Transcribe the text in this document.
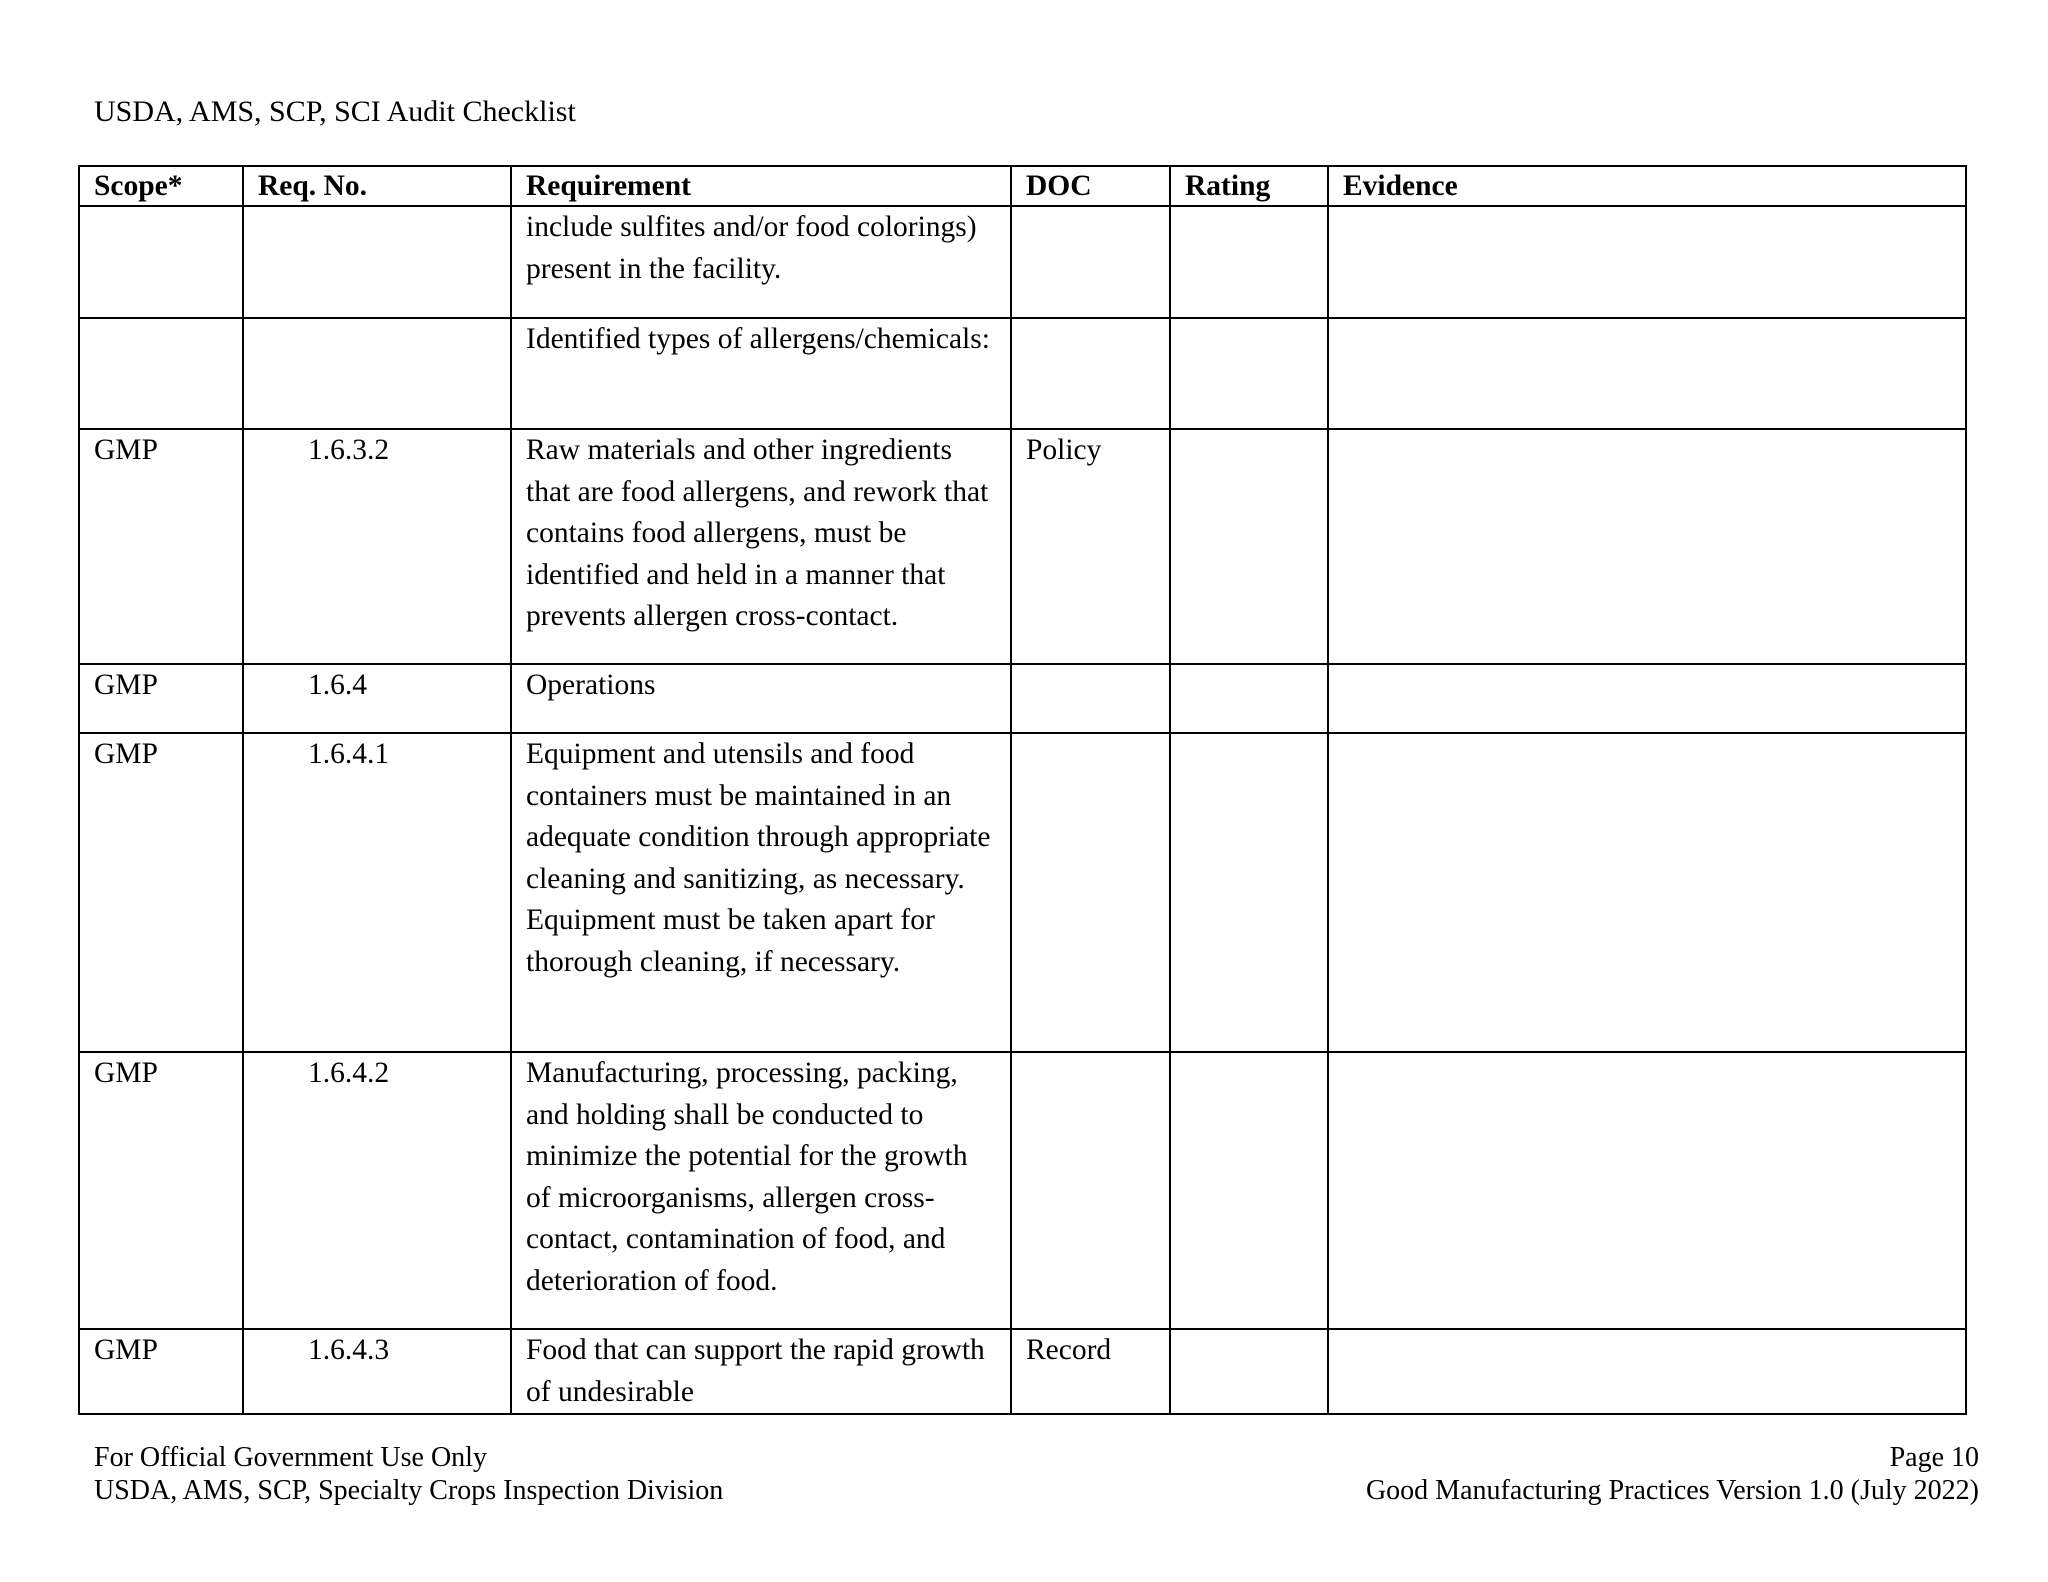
USDA, AMS, SCP, SCI Audit Checklist
Scope*	Req. No.	Requirement	DOC	Rating	Evidence
		include sulfites and/or food colorings) present in the facility.			
		Identified types of allergens/chemicals:			
GMP	1.6.3.2	Raw materials and other ingredients that are food allergens, and rework that contains food allergens, must be identified and held in a manner that prevents allergen cross-contact.	Policy		
GMP	1.6.4	Operations			
GMP	1.6.4.1	Equipment and utensils and food containers must be maintained in an adequate condition through appropriate cleaning and sanitizing, as necessary. Equipment must be taken apart for thorough cleaning, if necessary.			
GMP	1.6.4.2	Manufacturing, processing, packing, and holding shall be conducted to minimize the potential for the growth of microorganisms, allergen cross-contact, contamination of food, and deterioration of food.			
GMP	1.6.4.3	Food that can support the rapid growth of undesirable	Record		
For Official Government Use Only
USDA, AMS, SCP, Specialty Crops Inspection Division
Page 10
Good Manufacturing Practices Version 1.0 (July 2022)
